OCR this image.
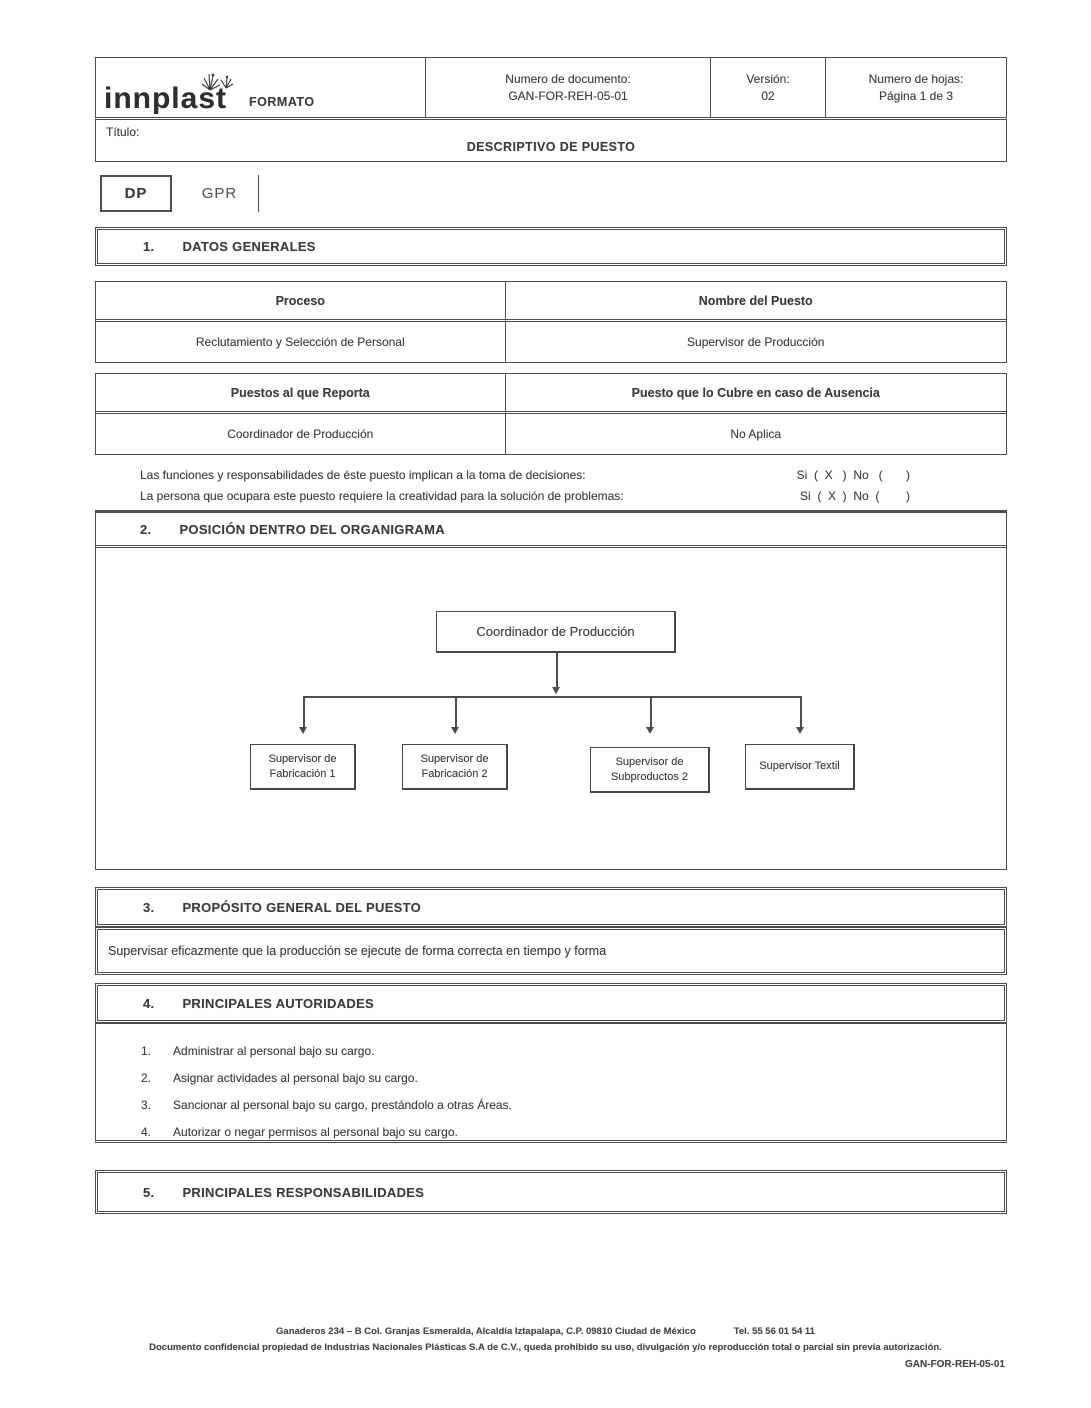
innplast FORMATO
Numero de documento:
GAN-FOR-REH-05-01
Versión:
02
Numero de hojas:
Página 1 de 3
Título:
DESCRIPTIVO DE PUESTO
DP	GPR
1. DATOS GENERALES
Proceso	Nombre del Puesto
Reclutamiento y Selección de Personal	Supervisor de Producción
Puestos al que Reporta	Puesto que lo Cubre en caso de Ausencia
Coordinador de Producción	No Aplica
Las funciones y responsabilidades de éste puesto implican a la toma de decisiones:	Si  (  X   )  No   (       )
La persona que ocupara este puesto requiere la creatividad para la solución de problemas:	Si  (  X  )  No  (        )
2. POSICIÓN DENTRO DEL ORGANIGRAMA
Coordinador de Producción
Supervisor de Fabricación 1
Supervisor de Fabricación 2
Supervisor de Subproductos 2
Supervisor Textil
3. PROPÓSITO GENERAL DEL PUESTO
Supervisar eficazmente que la producción se ejecute de forma correcta en tiempo y forma
4. PRINCIPALES AUTORIDADES
1. Administrar al personal bajo su cargo.
2. Asignar actividades al personal bajo su cargo.
3. Sancionar al personal bajo su cargo, prestándolo a otras Áreas.
4. Autorizar o negar permisos al personal bajo su cargo.
5. PRINCIPALES RESPONSABILIDADES
Ganaderos 234 – B Col. Granjas Esmeralda, Alcaldía Iztapalapa, C.P. 09810 Ciudad de México	Tel. 55 56 01 54 11
Documento confidencial propiedad de Industrias Nacionales Plásticas S.A de C.V., queda prohibido su uso, divulgación y/o reproducción total o parcial sin previa autorización.
GAN-FOR-REH-05-01
